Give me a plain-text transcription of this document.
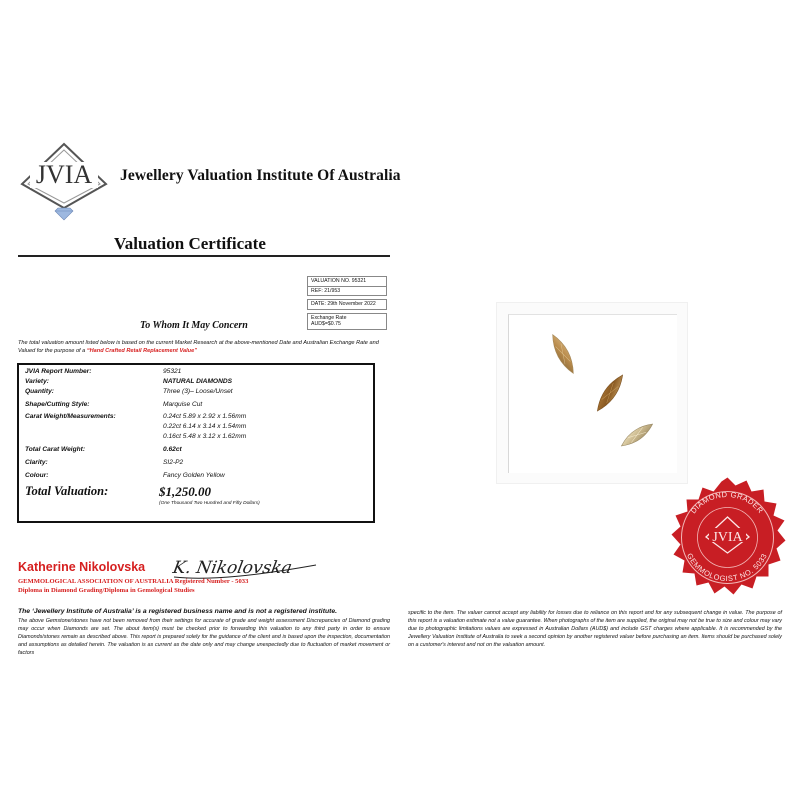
JVIA Jewellery Valuation Institute Of Australia
Valuation Certificate
VALUATION NO. 95321
REF: 21/953
DATE: 29th November 2022
Exchange Rate
AUD$=$0.75
To Whom It May Concern
The total valuation amount listed below is based on the current Market Research at the above-mentioned Date and Australian Exchange Rate and Valued for the purpose of a “Hand Crafted Retail Replacement Value”
JVIA Report Number:	95321
Variety:	NATURAL DIAMONDS
Quantity:	Three (3)– Loose/Unset
Shape/Cutting Style:	Marquise Cut
Carat Weight/Measurements:	0.24ct 5.89 x 2.92 x 1.56mm
0.22ct 6.14 x 3.14 x 1.54mm
0.16ct 5.48 x 3.12 x 1.62mm
Total Carat Weight:	0.62ct
Clarity:	SI2-P2
Colour:	Fancy Golden Yellow
Total Valuation:	$1,250.00
(One Thousand Two Hundred and Fifty Dollars)
Katherine Nikolovska K. Nikolovska
GEMMOLOGICAL ASSOCIATION OF AUSTRALIA Registered Number - 5033
Diploma in Diamond Grading/Diploma in Gemological Studies
The ‘Jewellery Institute of Australia’ is a registered business name and is not a registered institute.
The above Gemstone/stones have not been removed from their settings for accurate of grade and weight assessment Discrepancies of Diamond grading may occur when Diamonds are set. The about item(s) must be checked prior to forwarding this valuation to any third party in order to ensure Diamonds/stones remain as described above. This report is prepared solely for the guidance of the client and is based upon the inspection, documentation and assumptions as detailed herein. The valuation is as current as the date only and may change unexpectedly due to fluctuation of market movement or factors
specific to the item. The valuer cannot accept any liability for losses due to reliance on this report and for any subsequent change in value. The purpose of this report is a valuation estimate not a value guarantee. When photographs of the item are supplied, the original may not be true to size and colour may vary due to photographic limitations values are expressed in Australian Dollars (AUD$) and include GST charges where applicable. It is recommended by the Jewellery Valuation Institute of Australia to seek a second opinion by another registered valuer before purchasing an item. Items should be purchased solely on a customer's interest and not on the valuation amount.
DIAMOND GRADER
GEMMOLOGIST NO. 5033
JVIA
